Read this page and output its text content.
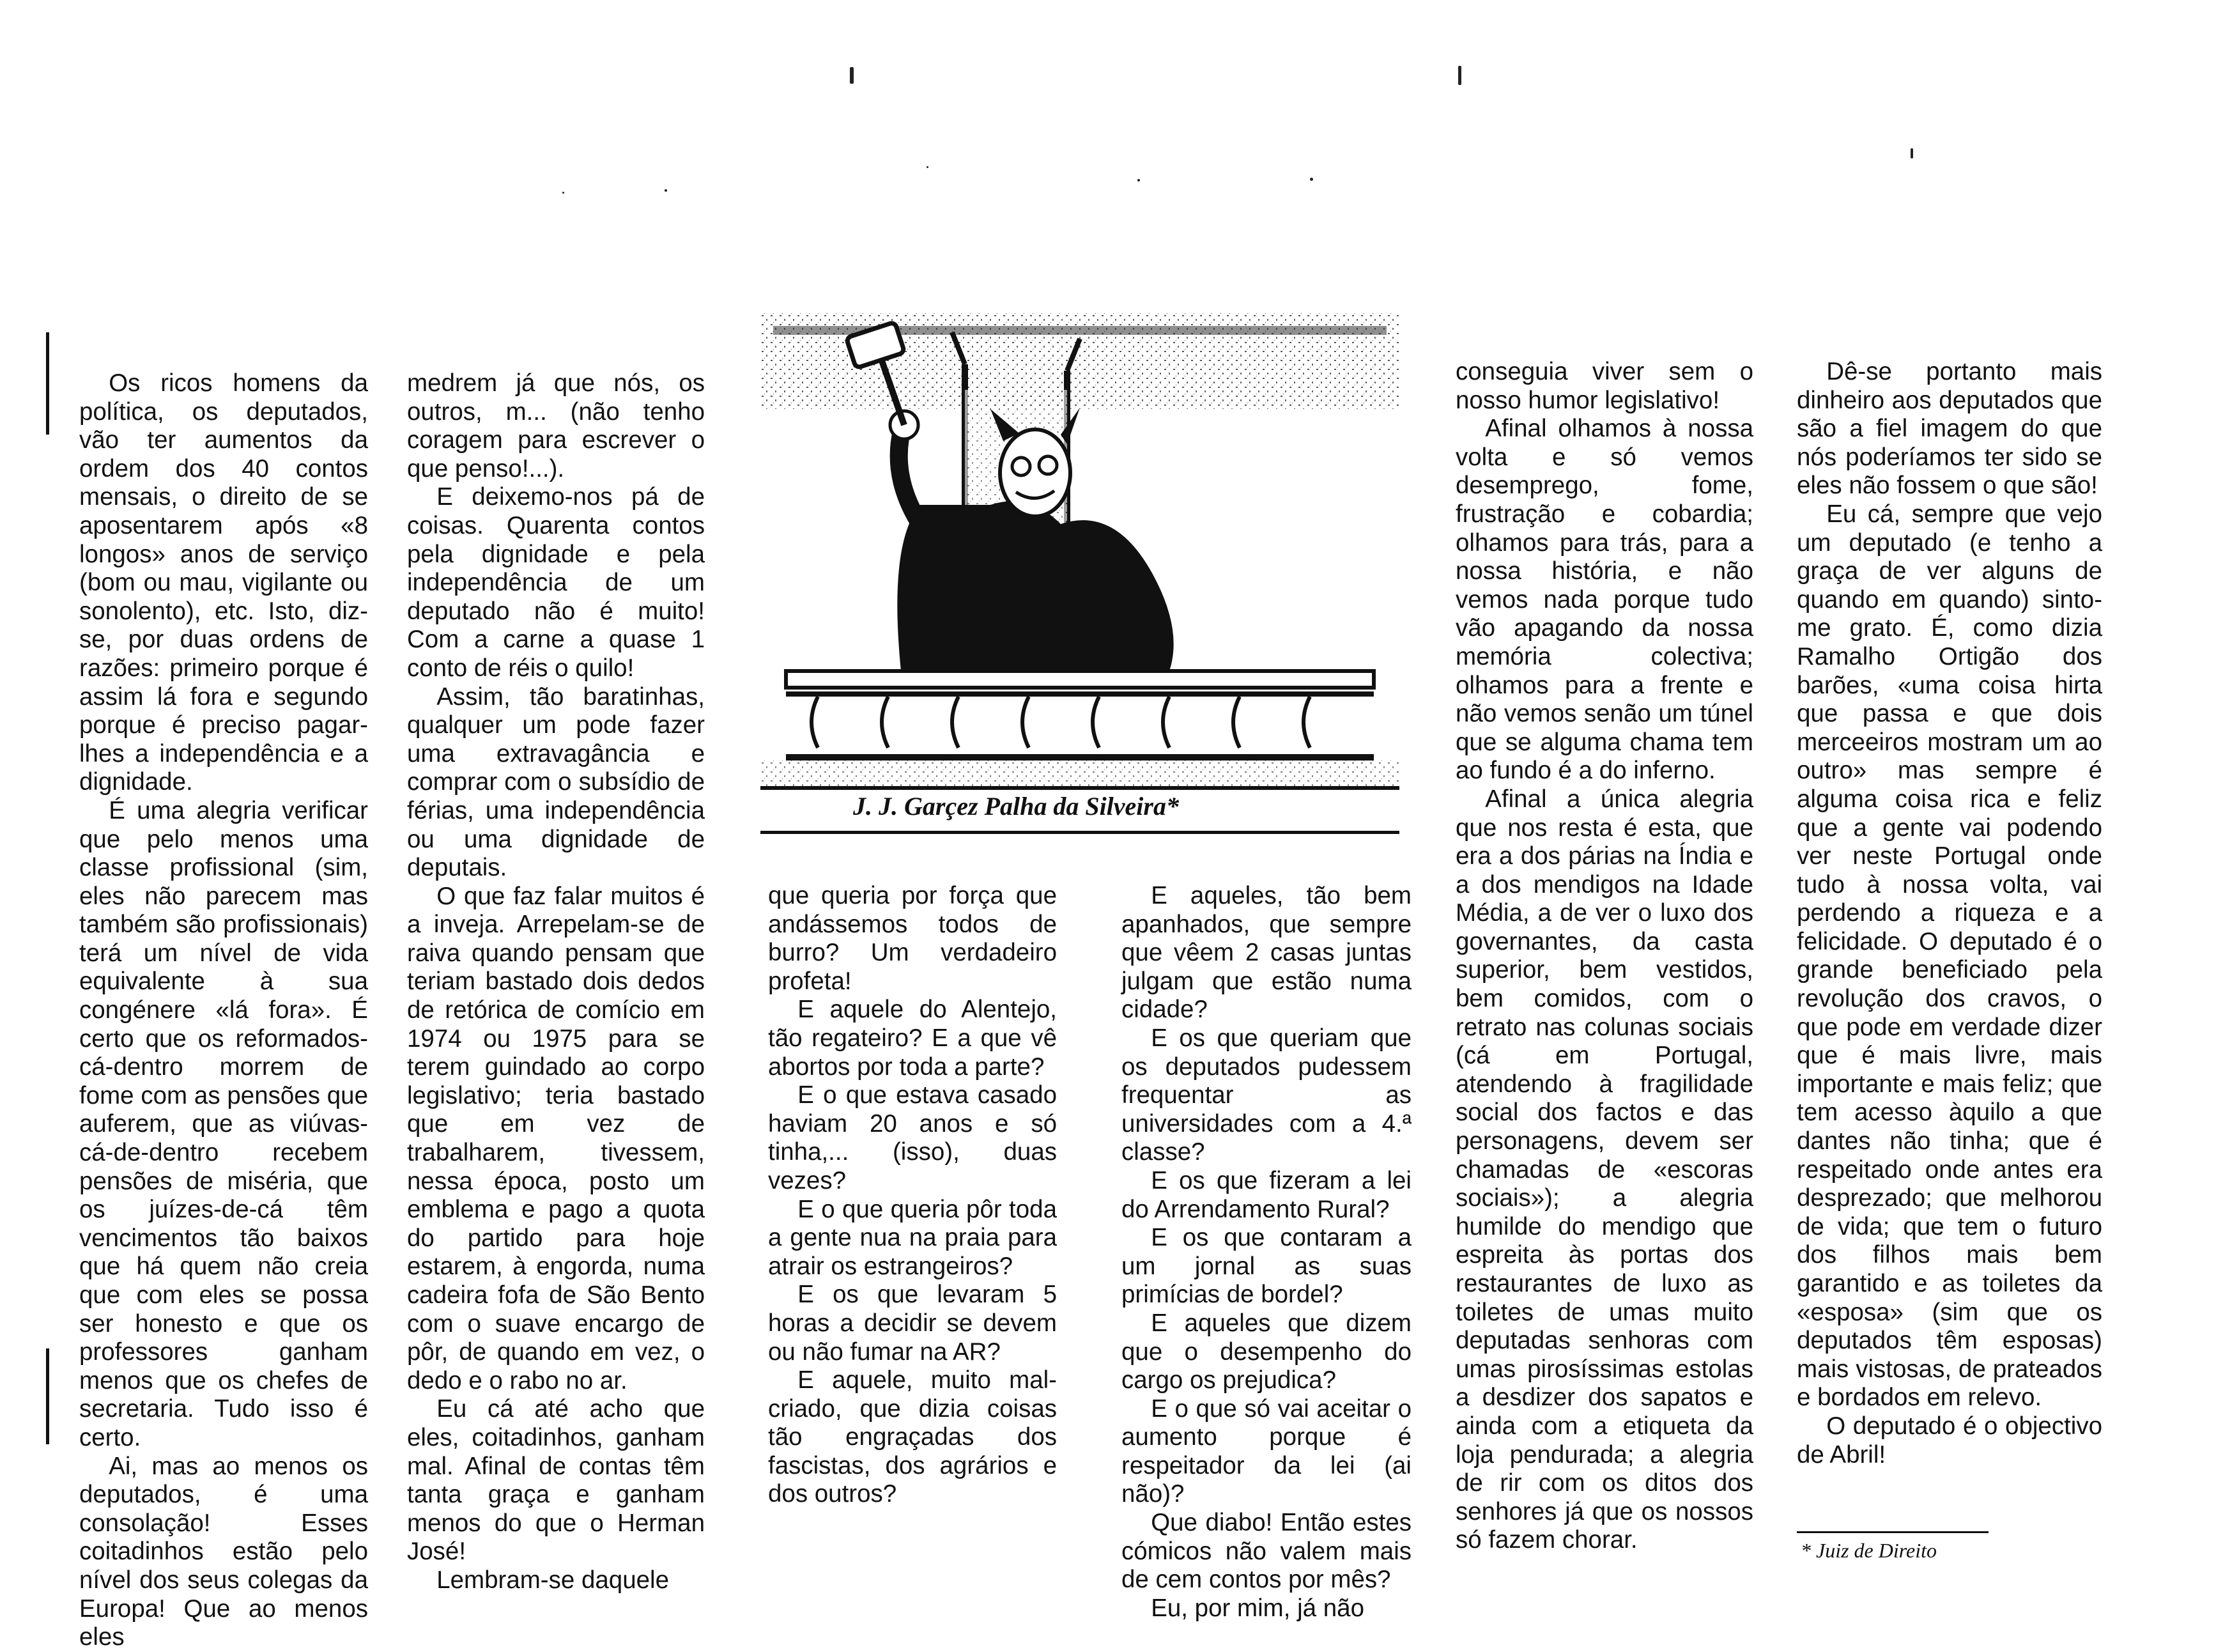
Os ricos homens da política, os deputados, vão ter aumentos da ordem dos 40 contos mensais, o direito de se aposentarem após «8 longos» anos de serviço (bom ou mau, vigilante ou sonolento), etc. Isto, diz-se, por duas ordens de razões: primeiro porque é assim lá fora e segundo porque é preciso pagar-lhes a independência e a dignidade.

É uma alegria verificar que pelo menos uma classe profissional (sim, eles não parecem mas também são profissionais) terá um nível de vida equivalente à sua congénere «lá fora». É certo que os reformados-cá-dentro morrem de fome com as pensões que auferem, que as viúvas-cá-de-dentro recebem pensões de miséria, que os juízes-de-cá têm vencimentos tão baixos que há quem não creia que com eles se possa ser honesto e que os professores ganham menos que os chefes de secretaria. Tudo isso é certo.

Ai, mas ao menos os deputados, é uma consolação! Esses coitadinhos estão pelo nível dos seus colegas da Europa! Que ao menos eles

medrem já que nós, os outros, m... (não tenho coragem para escrever o que penso!...).

E deixemo-nos pá de coisas. Quarenta contos pela dignidade e pela independência de um deputado não é muito! Com a carne a quase 1 conto de réis o quilo!

Assim, tão baratinhas, qualquer um pode fazer uma extravagância e comprar com o subsídio de férias, uma independência ou uma dignidade de deputais.

O que faz falar muitos é a inveja. Arrepelam-se de raiva quando pensam que teriam bastado dois dedos de retórica de comício em 1974 ou 1975 para se terem guindado ao corpo legislativo; teria bastado que em vez de trabalharem, tivessem, nessa época, posto um emblema e pago a quota do partido para hoje estarem, à engorda, numa cadeira fofa de São Bento com o suave encargo de pôr, de quando em vez, o dedo e o rabo no ar.

Eu cá até acho que eles, coitadinhos, ganham mal. Afinal de contas têm tanta graça e ganham menos do que o Herman José!

Lembram-se daquele

J. J. Garçez Palha da Silveira*

que queria por força que andássemos todos de burro? Um verdadeiro profeta!

E aquele do Alentejo, tão regateiro? E a que vê abortos por toda a parte?

E o que estava casado haviam 20 anos e só tinha,... (isso), duas vezes?

E o que queria pôr toda a gente nua na praia para atrair os estrangeiros?

E os que levaram 5 horas a decidir se devem ou não fumar na AR?

E aquele, muito mal-criado, que dizia coisas tão engraçadas dos fascistas, dos agrários e dos outros?

E aqueles, tão bem apanhados, que sempre que vêem 2 casas juntas julgam que estão numa cidade?

E os que queriam que os deputados pudessem frequentar as universidades com a 4.ª classe?

E os que fizeram a lei do Arrendamento Rural?

E os que contaram a um jornal as suas primícias de bordel?

E aqueles que dizem que o desempenho do cargo os prejudica?

E o que só vai aceitar o aumento porque é respeitador da lei (ai não)?

Que diabo! Então estes cómicos não valem mais de cem contos por mês?

Eu, por mim, já não

conseguia viver sem o nosso humor legislativo!

Afinal olhamos à nossa volta e só vemos desemprego, fome, frustração e cobardia; olhamos para trás, para a nossa história, e não vemos nada porque tudo vão apagando da nossa memória colectiva; olhamos para a frente e não vemos senão um túnel que se alguma chama tem ao fundo é a do inferno.

Afinal a única alegria que nos resta é esta, que era a dos párias na Índia e a dos mendigos na Idade Média, a de ver o luxo dos governantes, da casta superior, bem vestidos, bem comidos, com o retrato nas colunas sociais (cá em Portugal, atendendo à fragilidade social dos factos e das personagens, devem ser chamadas de «escoras sociais»); a alegria humilde do mendigo que espreita às portas dos restaurantes de luxo as toiletes de umas muito deputadas senhoras com umas pirosíssimas estolas a desdizer dos sapatos e ainda com a etiqueta da loja pendurada; a alegria de rir com os ditos dos senhores já que os nossos só fazem chorar.

Dê-se portanto mais dinheiro aos deputados que são a fiel imagem do que nós poderíamos ter sido se eles não fossem o que são!

Eu cá, sempre que vejo um deputado (e tenho a graça de ver alguns de quando em quando) sinto-me grato. É, como dizia Ramalho Ortigão dos barões, «uma coisa hirta que passa e que dois merceeiros mostram um ao outro» mas sempre é alguma coisa rica e feliz que a gente vai podendo ver neste Portugal onde tudo à nossa volta, vai perdendo a riqueza e a felicidade. O deputado é o grande beneficiado pela revolução dos cravos, o que pode em verdade dizer que é mais livre, mais importante e mais feliz; que tem acesso àquilo a que dantes não tinha; que é respeitado onde antes era desprezado; que melhorou de vida; que tem o futuro dos filhos mais bem garantido e as toiletes da «esposa» (sim que os deputados têm esposas) mais vistosas, de prateados e bordados em relevo.

O deputado é o objectivo de Abril!

* Juiz de Direito
